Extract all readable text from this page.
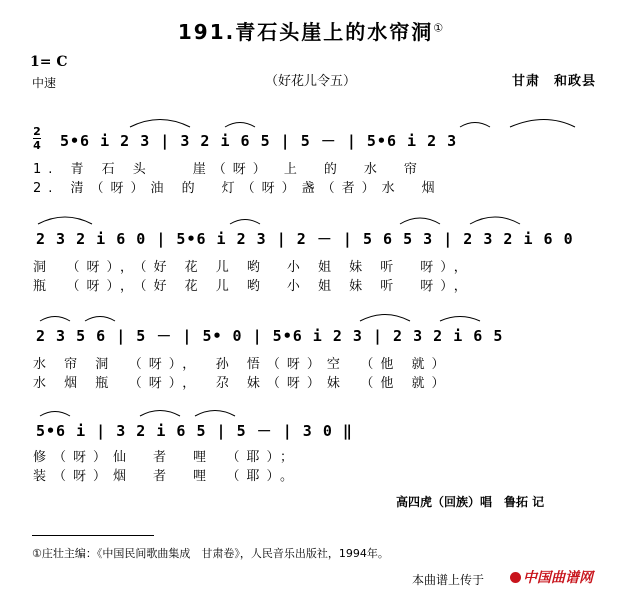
191.青石头崖上的水帘洞①
1= C
中速	（好花儿令五）	甘肃　和政县
2
4 5•6 i 2 3 | 3 2 i 6 5 | 5 － | 5•6 i 2 3
1. 青 石 头　　崖（呀） 上　的　水　帘
2. 清（呀）油 的　灯（呀）盏（者）水　烟
2 3 2 i 6 0 | 5•6 i 2 3 | 2 － | 5 6 5 3 | 2 3 2 i 6 0
洞　（呀），（好 花 儿 哟　小 姐 妹 听　呀），
瓶　（呀），（好 花 儿 哟　小 姐 妹 听　呀），
2 3 5 6 | 5 － | 5• 0 | 5•6 i 2 3 | 2 3 2 i 6 5
水 帘 洞　（呀），　孙 悟（呀）空　（他 就）
水 烟 瓶　（呀），　尕 妹（呀）妹　（他 就）
5•6 i | 3 2 i 6 5 | 5 － | 3 0 ‖
修（呀）仙　者　哩　（耶）；
装（呀）烟　者　哩　（耶）。
高四虎（回族）唱　鲁拓 记
①庄壮主编：《中国民间歌曲集成　甘肃卷》，人民音乐出版社，1994年。
本曲谱上传于	中国曲谱网
